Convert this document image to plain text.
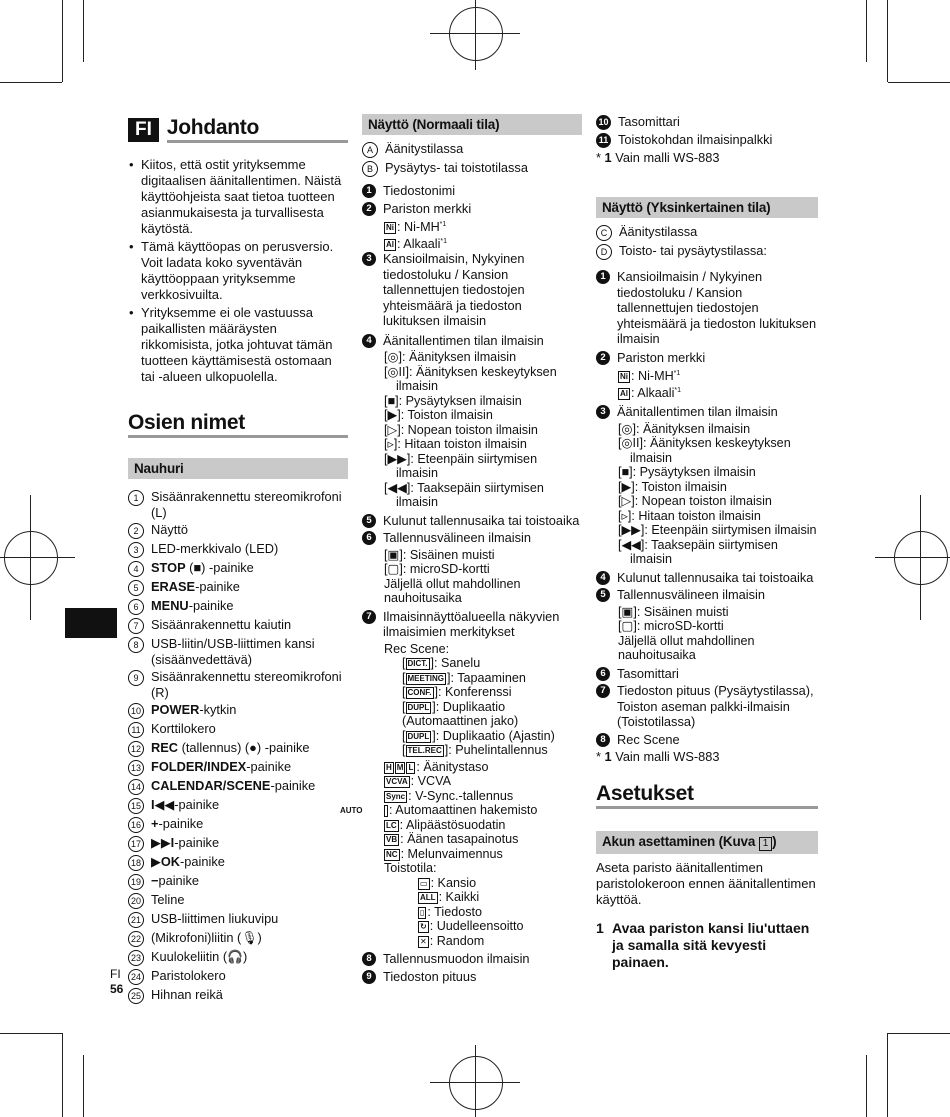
FI Johdanto
• Kiitos, että ostit yrityksemme digitaalisen äänitallentimen. Näistä käyttöohjeista saat tietoa tuotteen asianmukaisesta ja turvallisesta käytöstä.
• Tämä käyttöopas on perusversio. Voit ladata koko syventävän käyttöoppaan yrityksemme verkkosivuilta.
• Yrityksemme ei ole vastuussa paikallisten määräysten rikkomisista, jotka johtuvat tämän tuotteen käyttämisestä ostomaan tai -alueen ulkopuolella.
Osien nimet
Nauhuri
1 Sisäänrakennettu stereomikrofoni (L)
2 Näyttö
3 LED-merkkivalo (LED)
4 STOP (■) -painike
5 ERASE-painike
6 MENU-painike
7 Sisäänrakennettu kaiutin
8 USB-liitin/USB-liittimen kansi (sisäänvedettävä)
9 Sisäänrakennettu stereomikrofoni (R)
10 POWER-kytkin
11 Korttilokero
12 REC (tallennus) (●) -painike
13 FOLDER/INDEX-painike
14 CALENDAR/SCENE-painike
15 I◀◀-painike
16 +-painike
17 ▶▶I-painike
18 ▶OK-painike
19 −painike
20 Teline
21 USB-liittimen liukuvipu
22 (Mikrofoni)liitin (🎙)
23 Kuulokeliitin (🎧)
24 Paristolokero
25 Hihnan reikä
Näyttö (Normaali tila)
A Äänitystilassa
B Pysäytys- tai toistotilassa
1 Tiedostonimi
2 Pariston merkki
Ni : Ni-MH$^{*1}$
Al : Alkaali$^{*1}$
3 Kansioilmaisin, Nykyinen tiedostoluku / Kansion tallennettujen tiedostojen yhteismäärä ja tiedoston lukituksen ilmaisin
4 Äänitallentimen tilan ilmaisin
[◎]: Äänityksen ilmaisin
[◎II]: Äänityksen keskeytyksen ilmaisin
[■]: Pysäytyksen ilmaisin
[▶]: Toiston ilmaisin
[▷]: Nopean toiston ilmaisin
[▹]: Hitaan toiston ilmaisin
[▶▶]: Eteenpäin siirtymisen ilmaisin
[◀◀]: Taaksepäin siirtymisen ilmaisin
5 Kulunut tallennusaika tai toistoaika
6 Tallennusvälineen ilmaisin
[▣]: Sisäinen muisti
[▢]: microSD-kortti
Jäljellä ollut mahdollinen nauhoitusaika
7 Ilmaisinnäyttöalueella näkyvien ilmaisimien merkitykset
Rec Scene:
[ DICT. ]: Sanelu
[ MEETING ]: Tapaaminen
[ CONF. ]: Konferenssi
[ DUPL ]: Duplikaatio (Automaattinen jako)
[ DUPL ]: Duplikaatio (Ajastin)
[ TEL.REC ]: Puhelintallennus
H M L : Äänitystaso
VCVA : VCVA
Sync : V-Sync.-tallennus
AUTO : Automaattinen hakemisto
LC : Alipäästösuodatin
VB : Äänen tasapainotus
NC : Melunvaimennus
Toistotila:
▭ : Kansio
ALL : Kaikki
▯ : Tiedosto
↻ : Uudelleensoitto
✕ : Random
8 Tallennusmuodon ilmaisin
9 Tiedoston pituus
10 Tasomittari
11 Toistokohdan ilmaisinpalkki
* 1 Vain malli WS-883
Näyttö (Yksinkertainen tila)
C Äänitystilassa
D Toisto- tai pysäytystilassa:
1 Kansioilmaisin / Nykyinen tiedostoluku / Kansion tallennettujen tiedostojen yhteismäärä ja tiedoston lukituksen ilmaisin
2 Pariston merkki
Ni : Ni-MH$^{*1}$
Al : Alkaali$^{*1}$
3 Äänitallentimen tilan ilmaisin
[◎]: Äänityksen ilmaisin
[◎II]: Äänityksen keskeytyksen ilmaisin
[■]: Pysäytyksen ilmaisin
[▶]: Toiston ilmaisin
[▷]: Nopean toiston ilmaisin
[▹]: Hitaan toiston ilmaisin
[▶▶]: Eteenpäin siirtymisen ilmaisin
[◀◀]: Taaksepäin siirtymisen ilmaisin
4 Kulunut tallennusaika tai toistoaika
5 Tallennusvälineen ilmaisin
[▣]: Sisäinen muisti
[▢]: microSD-kortti
Jäljellä ollut mahdollinen nauhoitusaika
6 Tasomittari
7 Tiedoston pituus (Pysäytystilassa), Toiston aseman palkki-ilmaisin (Toistotilassa)
8 Rec Scene
* 1 Vain malli WS-883
Asetukset
Akun asettaminen (Kuva 1 )

Aseta paristo äänitallentimen paristolokeroon ennen äänitallentimen käyttöä.

1 Avaa pariston kansi liu'uttaen ja samalla sitä kevyesti painaen.
FI
56
